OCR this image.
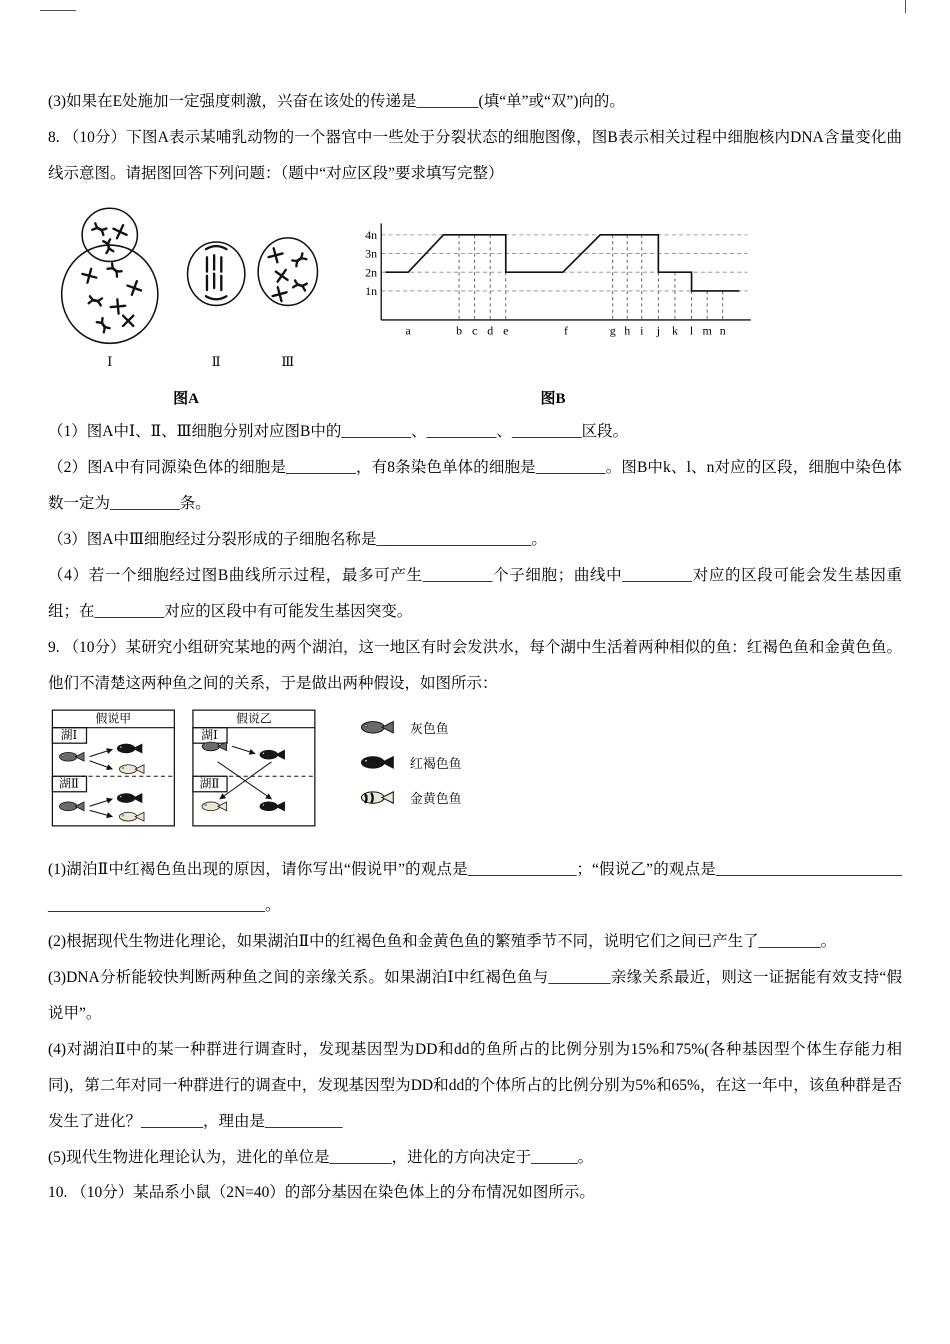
(3)如果在E处施加一定强度刺激，兴奋在该处的传递是________(填“单”或“双”)向的。

8. （10分）下图A表示某哺乳动物的一个器官中一些处于分裂状态的细胞图像，图B表示相关过程中细胞核内DNA含量变化曲线示意图。请据图回答下列问题：（题中“对应区段”要求填写完整）

Ⅰ	Ⅱ	Ⅲ
图A
4n
3n
2n
1n
a	b c d e	f	g h i j k l m n
图B

（1）图A中Ⅰ、Ⅱ、Ⅲ细胞分别对应图B中的_________、_________、_________区段。

（2）图A中有同源染色体的细胞是_________，有8条染色单体的细胞是_________。图B中k、l、n对应的区段，细胞中染色体数一定为_________条。

（3）图A中Ⅲ细胞经过分裂形成的子细胞名称是____________________。

（4）若一个细胞经过图B曲线所示过程，最多可产生_________个子细胞；曲线中_________对应的区段可能会发生基因重组；在_________对应的区段中有可能发生基因突变。

9. （10分）某研究小组研究某地的两个湖泊，这一地区有时会发洪水，每个湖中生活着两种相似的鱼：红褐色鱼和金黄色鱼。他们不清楚这两种鱼之间的关系，于是做出两种假设，如图所示：

假说甲
湖Ⅰ
湖Ⅱ
假说乙
湖Ⅰ
湖Ⅱ
灰色鱼
红褐色鱼
金黄色鱼

(1)湖泊Ⅱ中红褐色鱼出现的原因，请你写出“假说甲”的观点是______________；“假说乙”的观点是____________________________________________________。

(2)根据现代生物进化理论，如果湖泊Ⅱ中的红褐色鱼和金黄色鱼的繁殖季节不同，说明它们之间已产生了________。

(3)DNA分析能较快判断两种鱼之间的亲缘关系。如果湖泊Ⅰ中红褐色鱼与________亲缘关系最近，则这一证据能有效支持“假说甲”。

(4)对湖泊Ⅱ中的某一种群进行调查时，发现基因型为DD和dd的鱼所占的比例分别为15%和75%(各种基因型个体生存能力相同)，第二年对同一种群进行的调查中，发现基因型为DD和dd的个体所占的比例分别为5%和65%，在这一年中，该鱼种群是否发生了进化？________，理由是__________

(5)现代生物进化理论认为，进化的单位是________，进化的方向决定于______。

10. （10分）某品系小鼠（2N=40）的部分基因在染色体上的分布情况如图所示。
